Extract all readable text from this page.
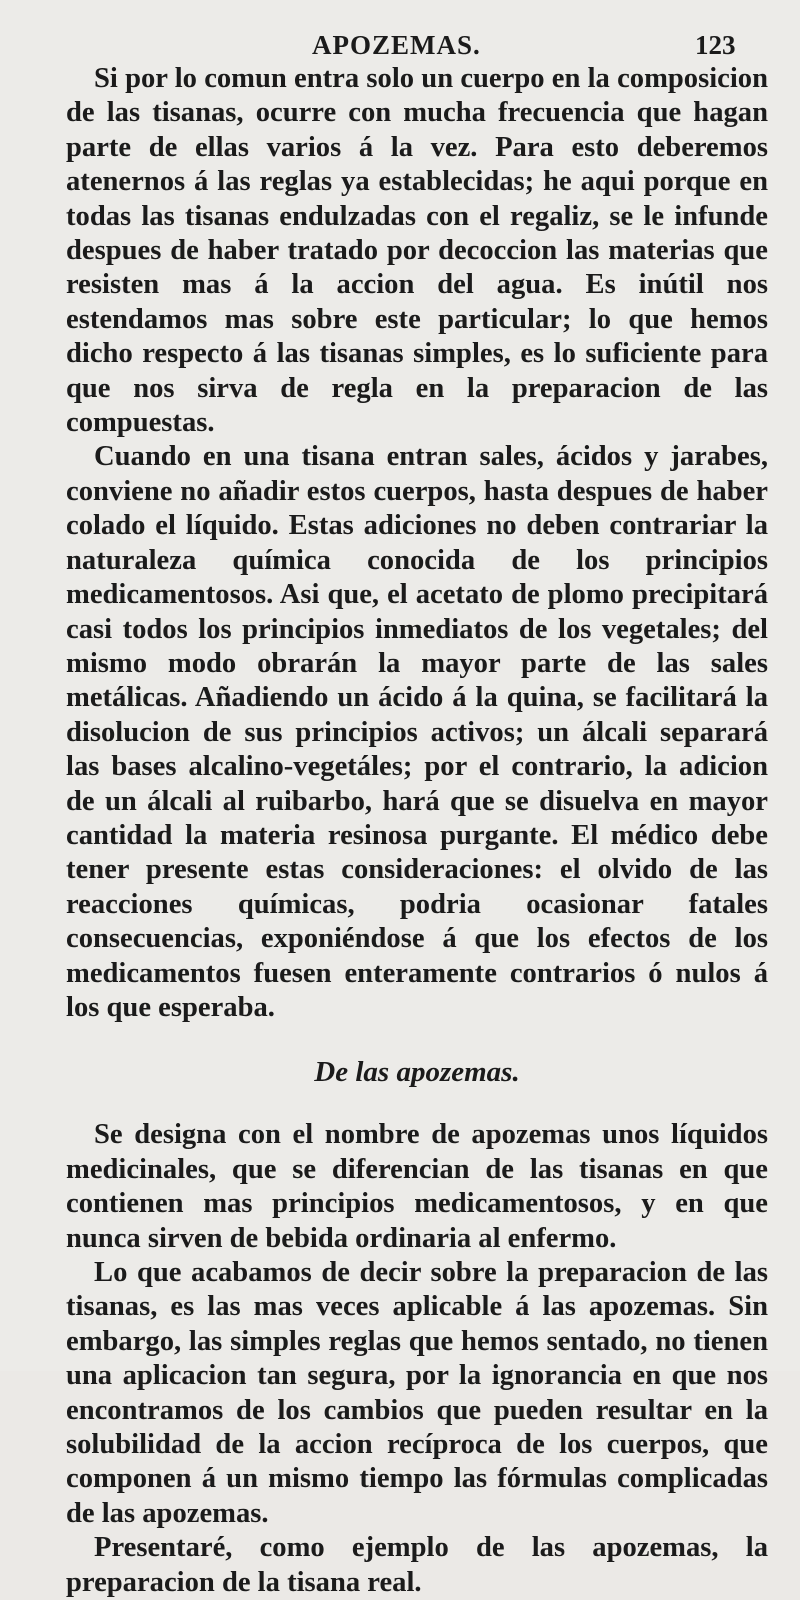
APOZEMAS.	123

Si por lo comun entra solo un cuerpo en la composicion de las tisanas, ocurre con mucha frecuencia que hagan parte de ellas varios á la vez. Para esto deberemos atenernos á las reglas ya establecidas; he aqui porque en todas las tisanas endulzadas con el regaliz, se le infunde despues de haber tratado por decoccion las materias que resisten mas á la accion del agua. Es inútil nos estendamos mas sobre este particular; lo que hemos dicho respecto á las tisanas simples, es lo suficiente para que nos sirva de regla en la preparacion de las compuestas.

Cuando en una tisana entran sales, ácidos y jarabes, conviene no añadir estos cuerpos, hasta despues de haber colado el líquido. Estas adiciones no deben contrariar la naturaleza química conocida de los principios medicamentosos. Asi que, el acetato de plomo precipitará casi todos los principios inmediatos de los vegetales; del mismo modo obrarán la mayor parte de las sales metálicas. Añadiendo un ácido á la quina, se facilitará la disolucion de sus principios activos; un álcali separará las bases alcalino-vegetáles; por el contrario, la adicion de un álcali al ruibarbo, hará que se disuelva en mayor cantidad la materia resinosa purgante. El médico debe tener presente estas consideraciones: el olvido de las reacciones químicas, podria ocasionar fatales consecuencias, exponiéndose á que los efectos de los medicamentos fuesen enteramente contrarios ó nulos á los que esperaba.

De las apozemas.

Se designa con el nombre de apozemas unos líquidos medicinales, que se diferencian de las tisanas en que contienen mas principios medicamentosos, y en que nunca sirven de bebida ordinaria al enfermo.

Lo que acabamos de decir sobre la preparacion de las tisanas, es las mas veces aplicable á las apozemas. Sin embargo, las simples reglas que hemos sentado, no tienen una aplicacion tan segura, por la ignorancia en que nos encontramos de los cambios que pueden resultar en la solubilidad de la accion recíproca de los cuerpos, que componen á un mismo tiempo las fórmulas complicadas de las apozemas.

Presentaré, como ejemplo de las apozemas, la preparacion de la tisana real.
